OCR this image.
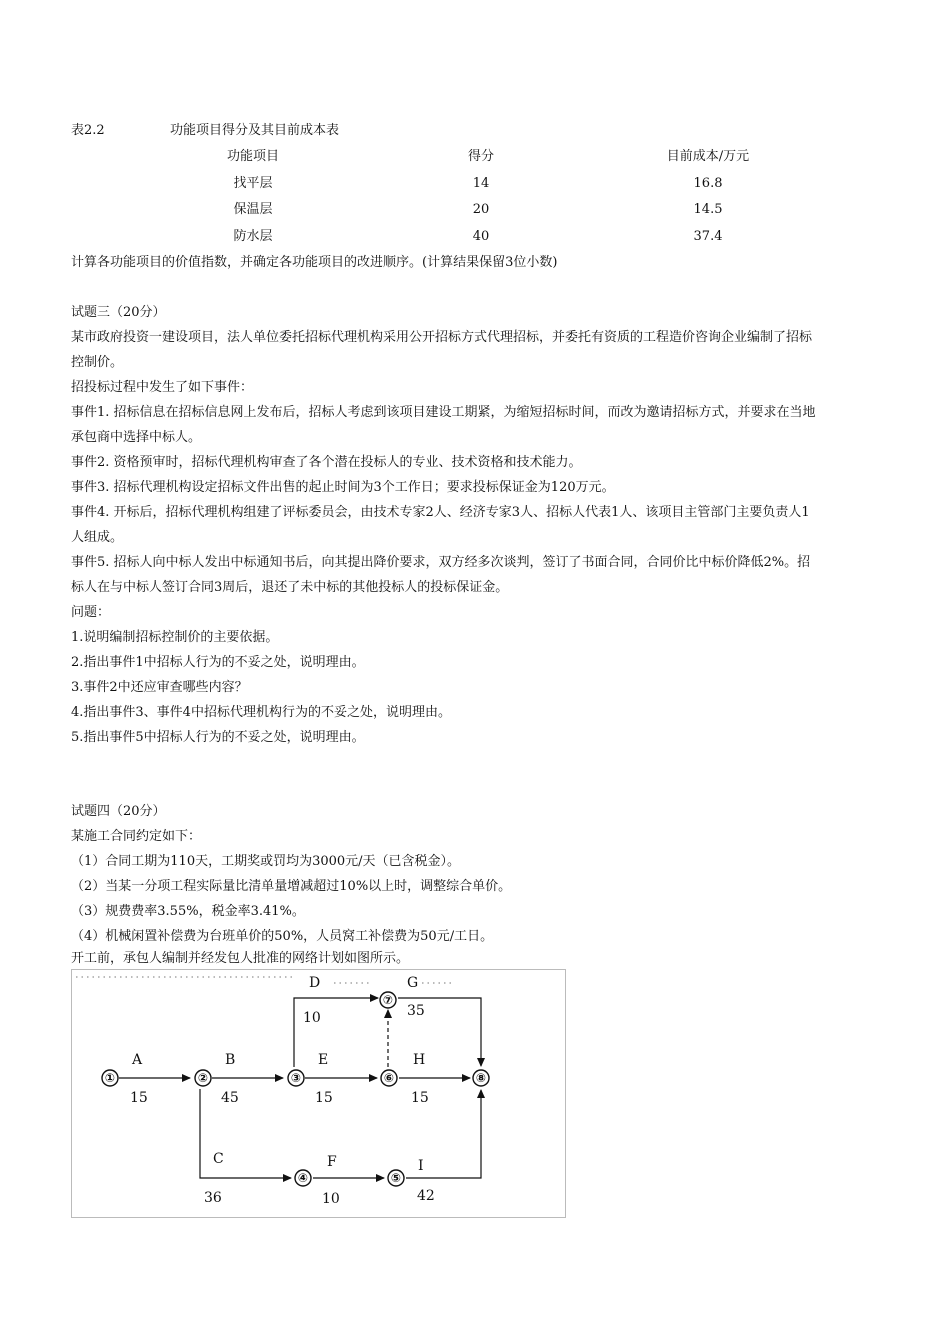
表2.2	功能项目得分及其目前成本表
功能项目	得分	目前成本/万元
找平层	14	16.8
保温层	20	14.5
防水层	40	37.4
计算各功能项目的价值指数，并确定各功能项目的改进顺序。(计算结果保留3位小数)
试题三（20分）
某市政府投资一建设项目，法人单位委托招标代理机构采用公开招标方式代理招标，并委托有资质的工程造价咨询企业编制了招标
控制价。
招投标过程中发生了如下事件：
事件1. 招标信息在招标信息网上发布后，招标人考虑到该项目建设工期紧，为缩短招标时间，而改为邀请招标方式，并要求在当地
承包商中选择中标人。
事件2. 资格预审时，招标代理机构审查了各个潜在投标人的专业、技术资格和技术能力。
事件3. 招标代理机构设定招标文件出售的起止时间为3个工作日；要求投标保证金为120万元。
事件4. 开标后，招标代理机构组建了评标委员会，由技术专家2人、经济专家3人、招标人代表1人、该项目主管部门主要负责人1
人组成。
事件5. 招标人向中标人发出中标通知书后，向其提出降价要求，双方经多次谈判，签订了书面合同，合同价比中标价降低2%。招
标人在与中标人签订合同3周后，退还了未中标的其他投标人的投标保证金。
问题：
1.说明编制招标控制价的主要依据。
2.指出事件1中招标人行为的不妥之处，说明理由。
3.事件2中还应审查哪些内容？
4.指出事件3、事件4中招标代理机构行为的不妥之处，说明理由。
5.指出事件5中招标人行为的不妥之处，说明理由。
试题四（20分）
某施工合同约定如下：
（1）合同工期为110天，工期奖或罚均为3000元/天（已含税金）。
（2）当某一分项工程实际量比清单量增减超过10%以上时，调整综合单价。
（3）规费费率3.55%，税金率3.41%。
（4）机械闲置补偿费为台班单价的50%，人员窝工补偿费为50元/工日。
开工前，承包人编制并经发包人批准的网络计划如图所示。
①	②	③
④	⑤
⑥
⑦
⑧
A
15
B
45
C
36
D
10
E
15
F
10
G
35
H
15
I
42
